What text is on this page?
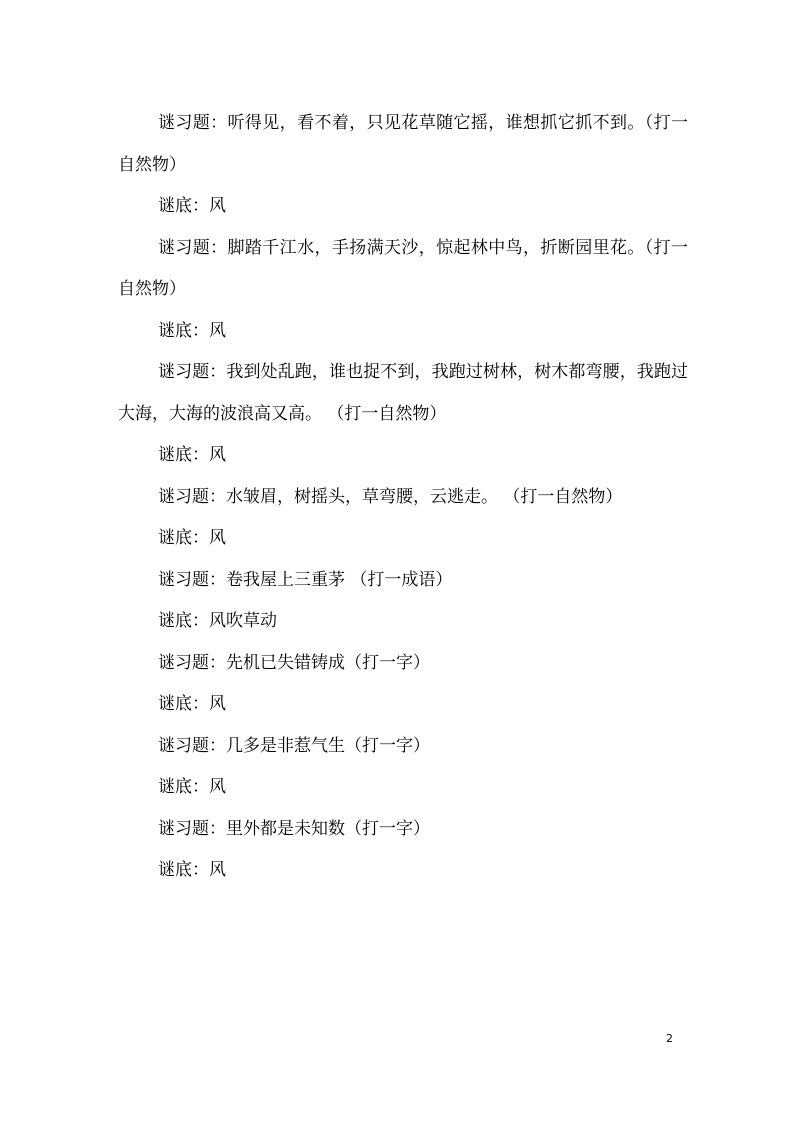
谜习题：听得见，看不着，只见花草随它摇，谁想抓它抓不到。（打一自然物）

谜底：风

谜习题：脚踏千江水，手扬满天沙，惊起林中鸟，折断园里花。（打一自然物）

谜底：风

谜习题：我到处乱跑，谁也捉不到，我跑过树林，树木都弯腰，我跑过大海，大海的波浪高又高。 （打一自然物）

谜底：风

谜习题：水皱眉，树摇头，草弯腰，云逃走。 （打一自然物）

谜底：风

谜习题：卷我屋上三重茅 （打一成语）

谜底：风吹草动

谜习题：先机已失错铸成（打一字）

谜底：风

谜习题：几多是非惹气生（打一字）

谜底：风

谜习题：里外都是未知数（打一字）

谜底：风

2
